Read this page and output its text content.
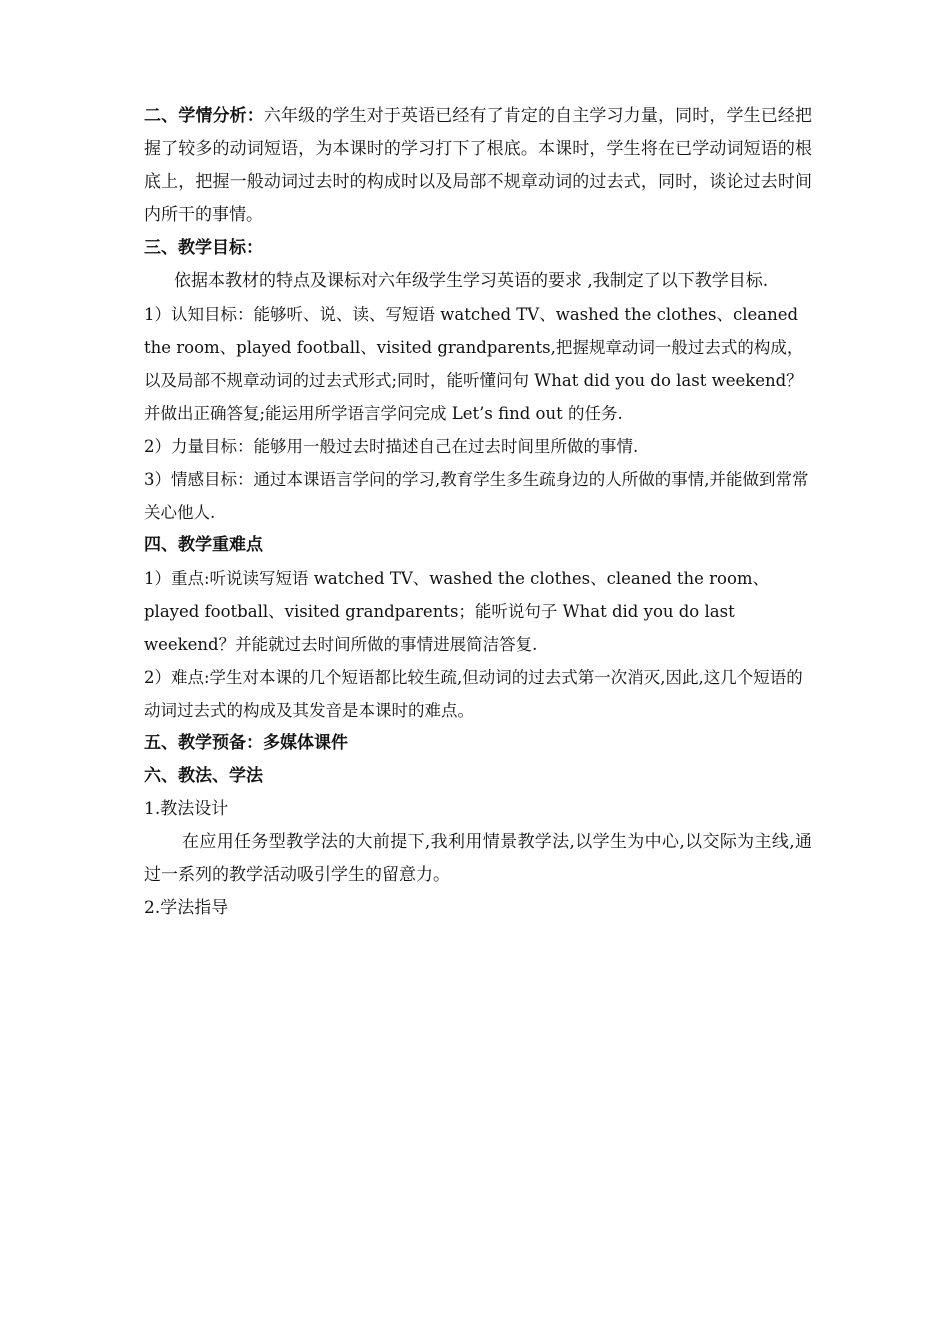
二、学情分析：六年级的学生对于英语已经有了肯定的自主学习力量，同时，学生已经把握了较多的动词短语，为本课时的学习打下了根底。本课时，学生将在已学动词短语的根底上，把握一般动词过去时的构成时以及局部不规章动词的过去式，同时，谈论过去时间内所干的事情。

三、教学目标：

依据本教材的特点及课标对六年级学生学习英语的要求 ,我制定了以下教学目标.

1）认知目标：能够听、说、读、写短语 watched TV、washed the clothes、cleaned the room、played football、visited grandparents,把握规章动词一般过去式的构成，以及局部不规章动词的过去式形式;同时，能听懂问句 What did you do last weekend？并做出正确答复;能运用所学语言学问完成 Let’s find out 的任务.

2）力量目标：能够用一般过去时描述自己在过去时间里所做的事情.

3）情感目标：通过本课语言学问的学习,教育学生多生疏身边的人所做的事情,并能做到常常关心他人.

四、教学重难点

1）重点:听说读写短语 watched TV、washed the clothes、cleaned the room、played football、visited grandparents；能听说句子 What did you do last weekend？并能就过去时间所做的事情进展简洁答复.

2）难点:学生对本课的几个短语都比较生疏,但动词的过去式第一次消灭,因此,这几个短语的动词过去式的构成及其发音是本课时的难点。

五、教学预备：多媒体课件

六、教法、学法

1.教法设计

在应用任务型教学法的大前提下,我利用情景教学法,以学生为中心,以交际为主线,通过一系列的教学活动吸引学生的留意力。

2.学法指导
